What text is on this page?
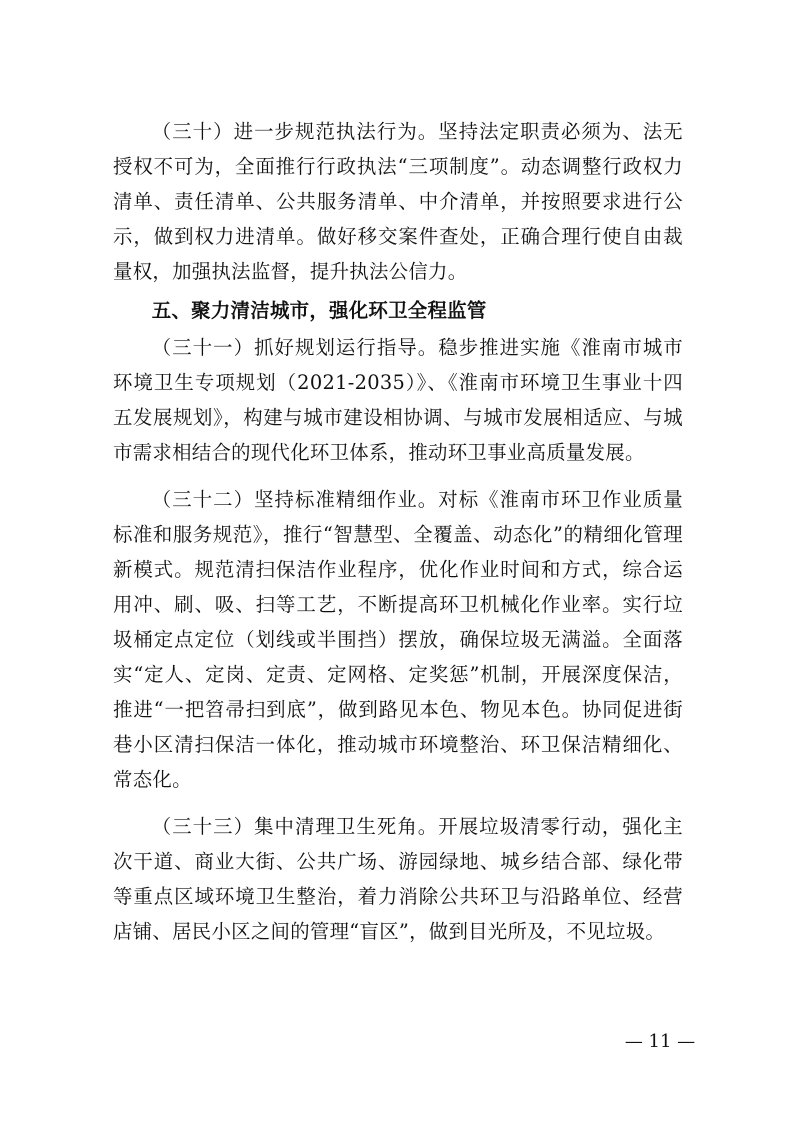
（三十）进一步规范执法行为。坚持法定职责必须为、法无授权不可为，全面推行行政执法“三项制度”。动态调整行政权力清单、责任清单、公共服务清单、中介清单，并按照要求进行公示，做到权力进清单。做好移交案件查处，正确合理行使自由裁量权，加强执法监督，提升执法公信力。

五、聚力清洁城市，强化环卫全程监管

（三十一）抓好规划运行指导。稳步推进实施《淮南市城市环境卫生专项规划（2021-2035）》、《淮南市环境卫生事业十四五发展规划》，构建与城市建设相协调、与城市发展相适应、与城市需求相结合的现代化环卫体系，推动环卫事业高质量发展。

（三十二）坚持标准精细作业。对标《淮南市环卫作业质量标准和服务规范》，推行“智慧型、全覆盖、动态化”的精细化管理新模式。规范清扫保洁作业程序，优化作业时间和方式，综合运用冲、刷、吸、扫等工艺，不断提高环卫机械化作业率。实行垃圾桶定点定位（划线或半围挡）摆放，确保垃圾无满溢。全面落实“定人、定岗、定责、定网格、定奖惩”机制，开展深度保洁，推进“一把笤帚扫到底”，做到路见本色、物见本色。协同促进街巷小区清扫保洁一体化，推动城市环境整治、环卫保洁精细化、常态化。

（三十三）集中清理卫生死角。开展垃圾清零行动，强化主次干道、商业大街、公共广场、游园绿地、城乡结合部、绿化带等重点区域环境卫生整治，着力消除公共环卫与沿路单位、经营店铺、居民小区之间的管理“盲区”，做到目光所及，不见垃圾。

— 11 —
